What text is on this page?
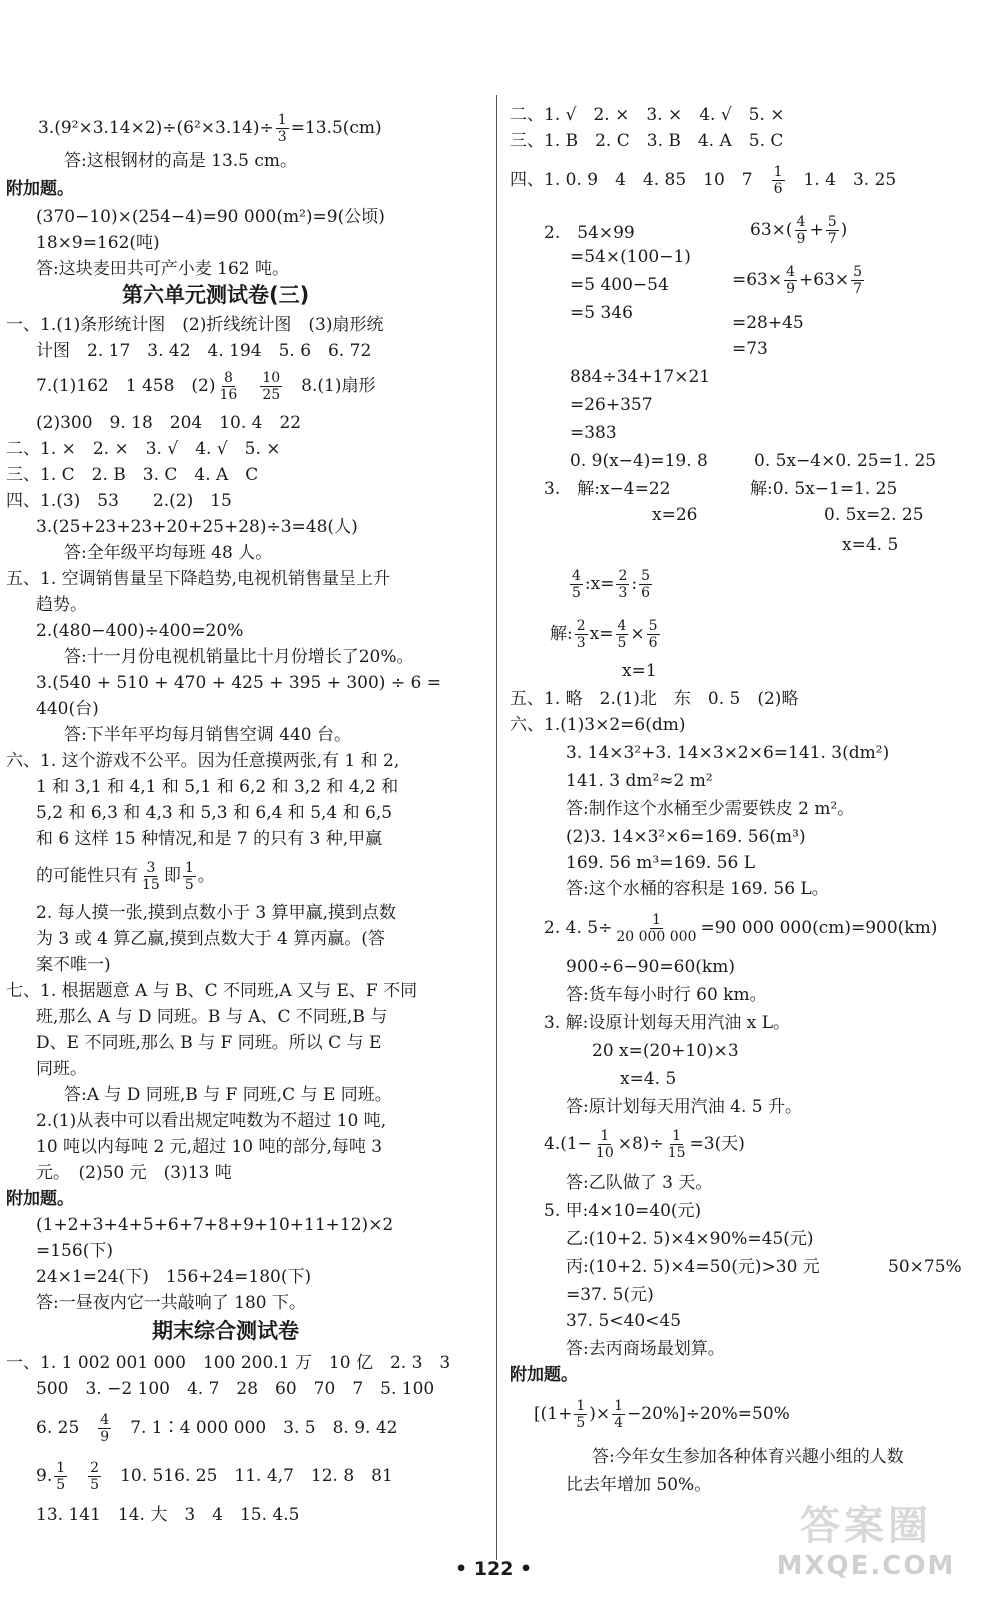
$3.(9^2\times 3.14\times 2)\div(6^2\times 3.14)\div \frac{1}{3} =13.5(cm)$
答:这根钢材的高是 13.5 cm。
附加题。
(370−10)×(254−4)=90 000(m²)=9(公顷)
18×9=162(吨)
答:这块麦田共可产小麦 162 吨。
第六单元测试卷(三)
一、1.(1)条形统计图　(2)折线统计图　(3)扇形统
计图　2. 17　3. 42　4. 194　5. 6　6. 72
7.(1)162　1 458　$(2) \frac{8}{16}$
　 $\frac{10}{25}$
　 8.(1)扇形
(2)300　9. 18　204　10. 4　22
二、1. ×　2. ×　3. √　4. √　5. ×
三、1. C　2. B　3. C　4. A　C
四、1.(3)　53　　2.(2)　15
3.(25+23+23+20+25+28)÷3=48(人)
答:全年级平均每班 48 人。
五、1. 空调销售量呈下降趋势,电视机销售量呈上升
趋势。
2.(480−400)÷400=20%
答:十一月份电视机销量比十月份增长了20%。
3.(540 + 510 + 470 + 425 + 395 + 300) ÷ 6 =
440(台)
答:下半年平均每月销售空调 440 台。
六、1. 这个游戏不公平。因为任意摸两张,有 1 和 2,
1 和 3,1 和 4,1 和 5,1 和 6,2 和 3,2 和 4,2 和
5,2 和 6,3 和 4,3 和 5,3 和 6,4 和 5,4 和 6,5
和 6 这样 15 种情况,和是 7 的只有 3 种,甲赢
的可能性只有 $\frac{3}{15}$ 即 $\frac{1}{5}$ 。
2. 每人摸一张,摸到点数小于 3 算甲赢,摸到点数
为 3 或 4 算乙赢,摸到点数大于 4 算丙赢。(答
案不唯一)
七、1. 根据题意 A 与 B、C 不同班,A 又与 E、F 不同
班,那么 A 与 D 同班。B 与 A、C 不同班,B 与
D、E 不同班,那么 B 与 F 同班。所以 C 与 E
同班。
答:A 与 D 同班,B 与 F 同班,C 与 E 同班。
2.(1)从表中可以看出规定吨数为不超过 10 吨,
10 吨以内每吨 2 元,超过 10 吨的部分,每吨 3
元。　(2)50 元　(3)13 吨
附加题。
(1+2+3+4+5+6+7+8+9+10+11+12)×2
=156(下)
24×1=24(下)　156+24=180(下)
答:一昼夜内它一共敲响了 180 下。
期末综合测试卷
一、1. 1 002 001 000　100 200.1 万　10 亿　2. 3　3
500　3. −2 100　4. 7　28　60　70　7　5. 100
6. 25　 $\frac{4}{9}$
　 7. 1∶4 000 000　3. 5　8. 9. 42
9. $\frac{1}{5}$
　 $\frac{2}{5}$
　 10. 516. 25　11. 4,7　12. 8　81
13. 141　14. 大　3　4　15. 4.5
二、1. √　2. ×　3. ×　4. √　5. ×
三、1. B　2. C　3. B　4. A　5. C
四、1. 0. 9　4　4. 85　10　7　 $\frac{1}{6}$
　 1. 4　3. 25
2.　54×99	$63\times( \frac{4}{9} + \frac{5}{7}$ )
=54×(100−1)
=5 400−54	$=63\times \frac{4}{9} +63\times \frac{5}{7}$
=5 346	=28+45
=73
884÷34+17×21
=26+357
=383
0. 9(x−4)=19. 8	0. 5x−4×0. 25=1. 25
3.　解:x−4=22	解:0. 5x−1=1. 25
x=26	0. 5x=2. 25
x=4. 5
$\frac{4}{5}$ :x= $\frac{2}{3}$ : $\frac{5}{6}$
解: $\frac{2}{3} x= \frac{4}{5} \times \frac{5}{6}$
x=1
五、1. 略　2.(1)北　东　0. 5　(2)略
六、1.(1)3×2=6(dm)
3. 14×3²+3. 14×3×2×6=141. 3(dm²)
141. 3 dm²≈2 m²
答:制作这个水桶至少需要铁皮 2 m²。
(2)3. 14×3²×6=169. 56(m³)
169. 56 m³=169. 56 L
答:这个水桶的容积是 169. 56 L。
2. 4. $5\div \frac{1}{20 000 000} =90$ 000 000(cm)=900(km)
900÷6−90=60(km)
答:货车每小时行 60 km。
3. 解:设原计划每天用汽油 x L。
20 x=(20+10)×3
x=4. 5
答:原计划每天用汽油 4. 5 升。
$4.(1- \frac{1}{10} \times 8)\div \frac{1}{15} =3$(天)
答:乙队做了 3 天。
5. 甲:4×10=40(元)
乙:(10+2. 5)×4×90%=45(元)
丙:(10+2. 5)×4=50(元)>30 元	50×75%
=37. 5(元)
37. 5<40<45
答:去丙商场最划算。
附加题。
[($1+ \frac{1}{5}$ )× $\frac{1}{4} -20\%]\div 20\%=50\%$
答:今年女生参加各种体育兴趣小组的人数
比去年增加 50%。
• 122 •
答案圈
MXQE.COM
